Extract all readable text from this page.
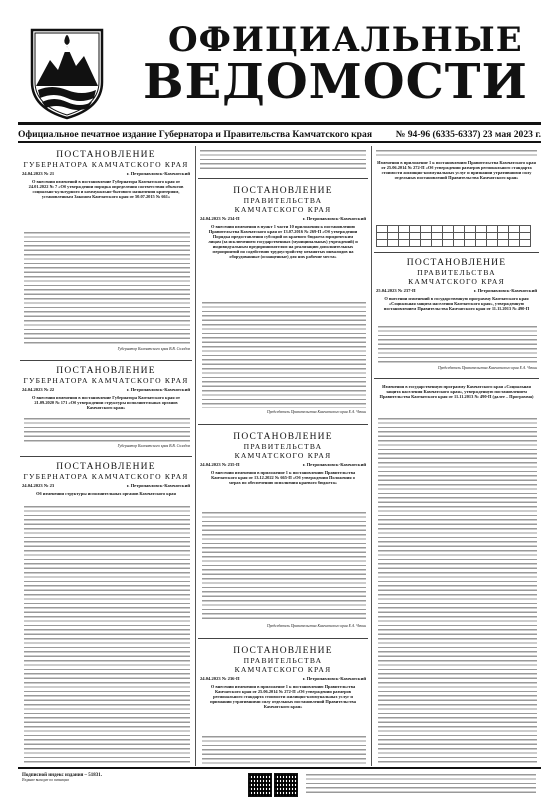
ОФИЦИАЛЬНЫЕ
ВЕДОМОСТИ
Официальное печатное издание Губернатора и Правительства Камчатского края № 94-96 (6335-6337) 23 мая 2023 г.
ПОСТАНОВЛЕНИЕ
ГУБЕРНАТОРА КАМЧАТСКОГО КРАЯ
24.04.2023 № 21	г. Петропавловск-Камчатский
О внесении изменений в постановление Губернатора Камчатского края от 24.01.2022 № 7 «Об утверждении порядка определения соответствия объектов социально-культурного и коммунально-бытового назначения критериям, установленным Законом Камчатского края от 50.07.2015 № 661»
Губернатор Камчатского края В.В. Солодов
ПОСТАНОВЛЕНИЕ
ГУБЕРНАТОРА КАМЧАТСКОГО КРАЯ
24.04.2023 № 22	г. Петропавловск-Камчатский
О внесении изменения в постановление Губернатора Камчатского края от 21.09.2020 № 171 «Об утверждении структуры исполнительных органов Камчатского края»
Губернатор Камчатского края В.В. Солодов
ПОСТАНОВЛЕНИЕ
ГУБЕРНАТОРА КАМЧАТСКОГО КРАЯ
24.04.2023 № 23	г. Петропавловск-Камчатский
Об изменении структуры исполнительных органов Камчатского края
ПОСТАНОВЛЕНИЕ
ПРАВИТЕЛЬСТВА
КАМЧАТСКОГО КРАЯ
24.04.2023 № 234-П	г. Петропавловск-Камчатский
О внесении изменения в пункт 1 части 10 приложения к постановлению Правительства Камчатского края от 13.07.2016 № 269-П «Об утверждении Порядка предоставления субсидий из краевого бюджета юридическим лицам (за исключением государственных (муниципальных) учреждений) и индивидуальным предпринимателям на реализацию дополнительных мероприятий по содействию трудоустройству незанятых инвалидов на оборудованные (оснащенные) для них рабочие места»
Председатель Правительства Камчатского края Е.А. Чекин
ПОСТАНОВЛЕНИЕ
ПРАВИТЕЛЬСТВА
КАМЧАТСКОГО КРАЯ
24.04.2023 № 235-П	г. Петропавловск-Камчатский
О внесении изменения в приложение 1 к постановлению Правительства Камчатского края от 13.12.2022 № 665-П «Об утверждении Положения о мерах по обеспечению исполнения краевого бюджета»
Председатель Правительства Камчатского края Е.А. Чекин
ПОСТАНОВЛЕНИЕ
ПРАВИТЕЛЬСТВА
КАМЧАТСКОГО КРАЯ
24.04.2023 № 236-П	г. Петропавловск-Камчатский
О внесении изменения в приложение 1 к постановлению Правительства Камчатского края от 25.06.2014 № 272-П «Об утверждении размеров регионального стандарта стоимости жилищно-коммунальных услуг и признании утратившими силу отдельных постановлений Правительства Камчатского края»
Изменения в приложение 1 к постановлению Правительства Камчатского края от 25.06.2014 № 272-П «Об утверждении размеров регионального стандарта стоимости жилищно-коммунальных услуг и признании утратившими силу отдельных постановлений Правительства Камчатского края»

ПОСТАНОВЛЕНИЕ
ПРАВИТЕЛЬСТВА
КАМЧАТСКОГО КРАЯ
25.04.2023 № 237-П	г. Петропавловск-Камчатский
О внесении изменений в государственную программу Камчатского края «Социальная защита населения Камчатского края», утвержденную постановлением Правительства Камчатского края от 11.11.2013 № 490-П
Председатель Правительства Камчатского края Е.А. Чекин
Изменения в государственную программу Камчатского края «Социальная защита населения Камчатского края», утвержденную постановлением Правительства Камчатского края от 11.11.2013 № 490-П (далее – Программа)
Подписной индекс издания – 51831.
Издание выходит по пятницам
